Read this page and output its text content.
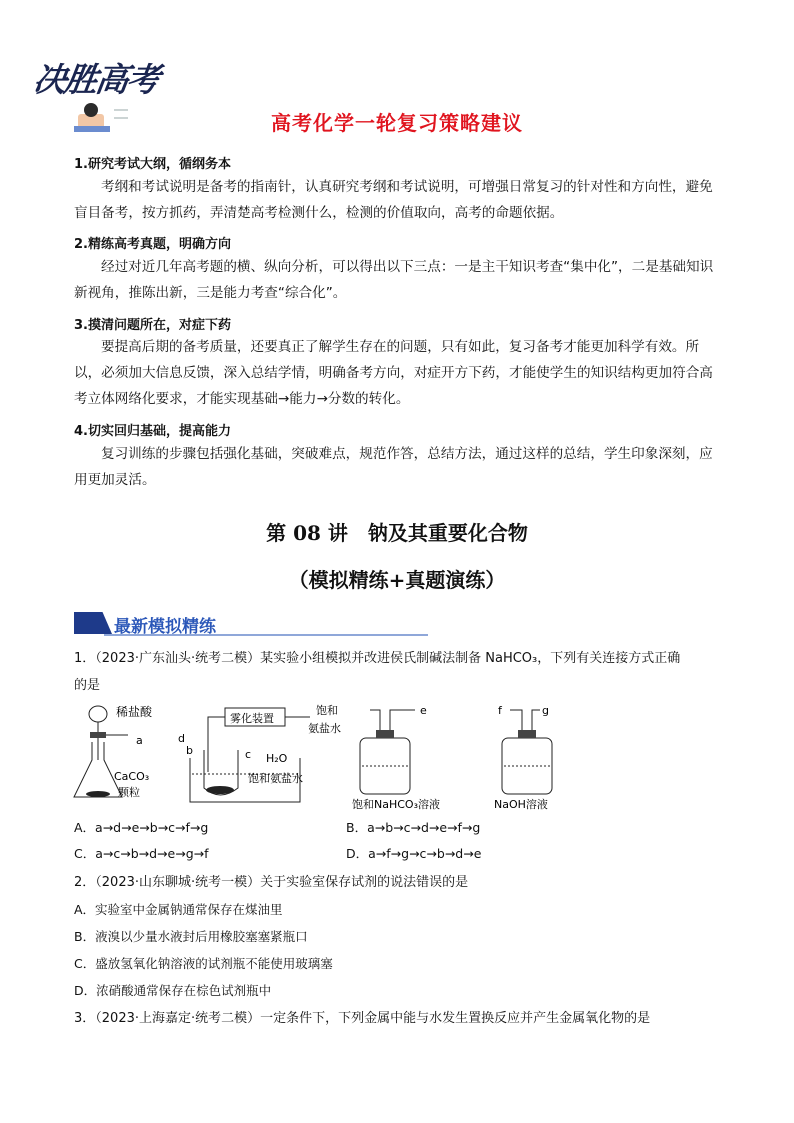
决胜高考
高考化学一轮复习策略建议
1.研究考试大纲，循纲务本
考纲和考试说明是备考的指南针，认真研究考纲和考试说明，可增强日常复习的针对性和方向性，避免盲目备考，按方抓药，弄清楚高考检测什么，检测的价值取向，高考的命题依据。
2.精练高考真题，明确方向
经过对近几年高考题的横、纵向分析，可以得出以下三点：一是主干知识考查“集中化”，二是基础知识新视角，推陈出新，三是能力考查“综合化”。
3.摸清问题所在，对症下药
要提高后期的备考质量，还要真正了解学生存在的问题，只有如此，复习备考才能更加科学有效。所以，必须加大信息反馈，深入总结学情，明确备考方向，对症开方下药，才能使学生的知识结构更加符合高考立体网络化要求，才能实现基础→能力→分数的转化。
4.切实回归基础，提高能力
复习训练的步骤包括强化基础，突破难点，规范作答，总结方法，通过这样的总结，学生印象深刻，应用更加灵活。
第 08 讲　钠及其重要化合物
（模拟精练+真题演练）
最新模拟精练
1．（2023·广东汕头·统考二模）某实验小组模拟并改进侯氏制碱法制备 NaHCO₃，下列有关连接方式正确
的是
稀盐酸
a
CaCO₃
颗粒
雾化装置
饱和
氨盐水
b	c H₂O
饱和氨盐水
e
饱和NaHCO₃溶液
f	g
NaOH溶液
d
A．a→d→e→b→c→f→g	B．a→b→c→d→e→f→g
C．a→c→b→d→e→g→f	D．a→f→g→c→b→d→e
2．（2023·山东聊城·统考一模）关于实验室保存试剂的说法错误的是
A．实验室中金属钠通常保存在煤油里
B．液溴以少量水液封后用橡胶塞塞紧瓶口
C．盛放氢氧化钠溶液的试剂瓶不能使用玻璃塞
D．浓硝酸通常保存在棕色试剂瓶中
3．（2023·上海嘉定·统考二模）一定条件下，下列金属中能与水发生置换反应并产生金属氧化物的是
